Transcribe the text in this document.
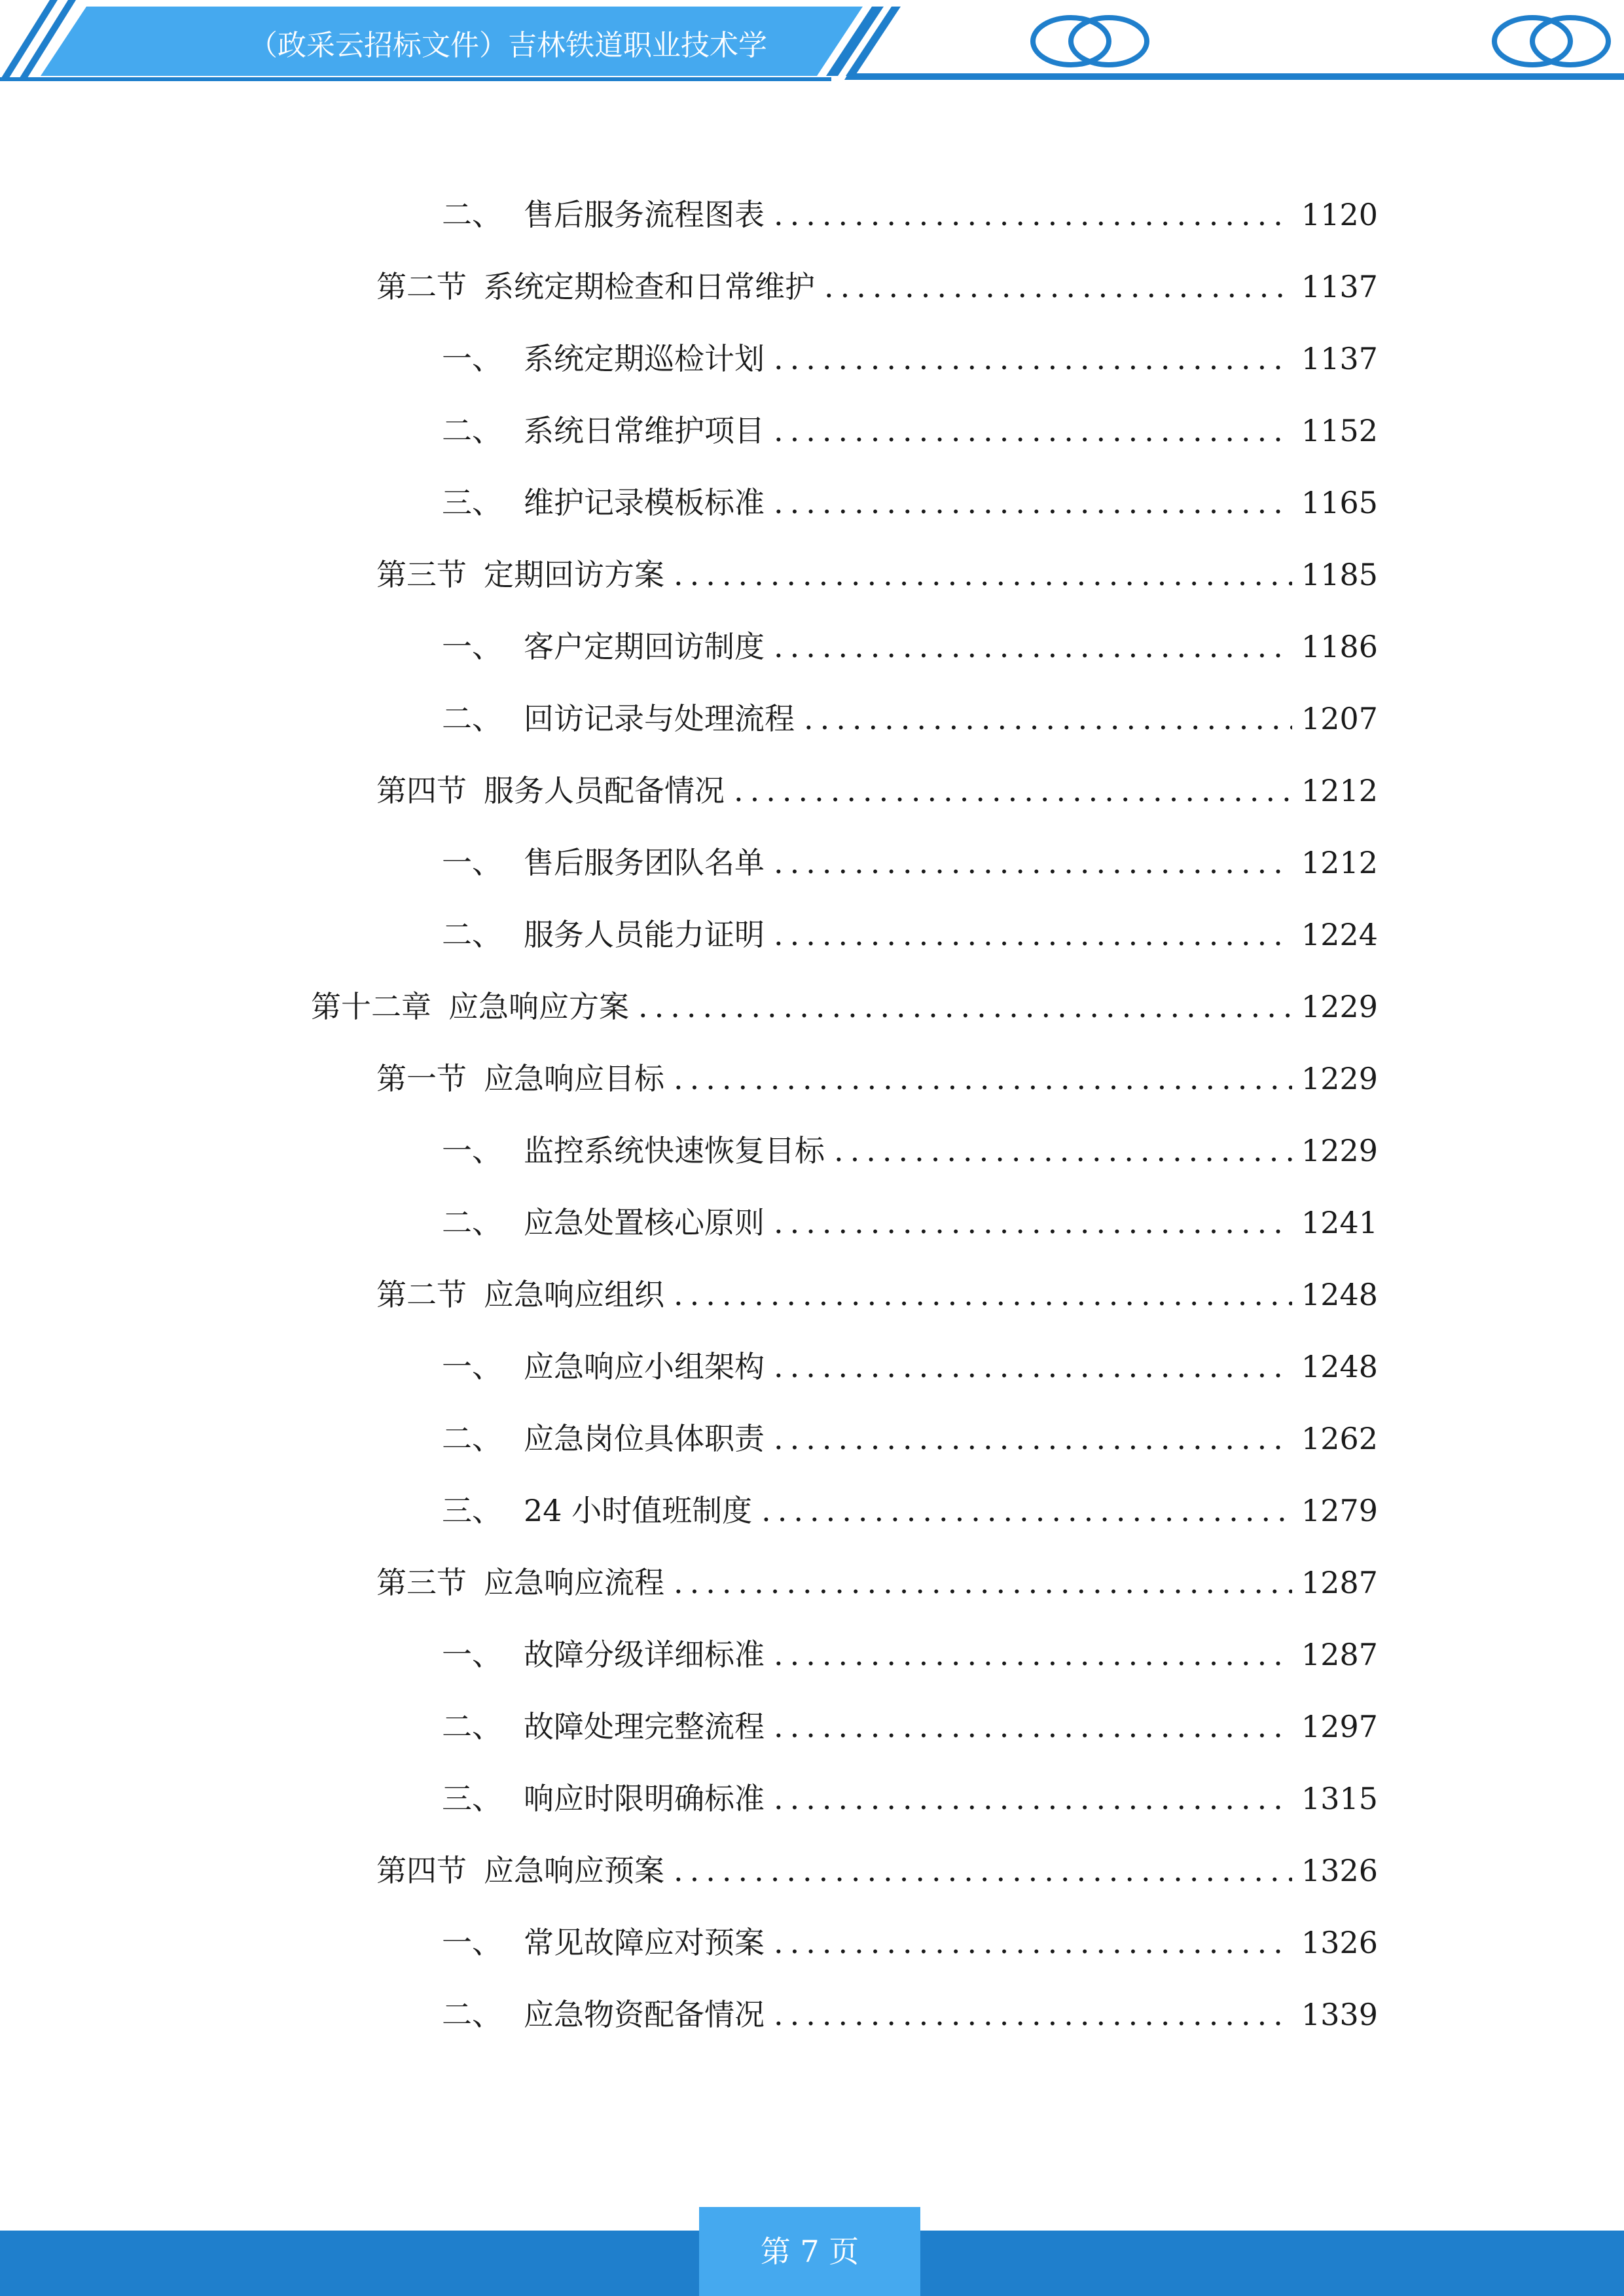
（政采云招标文件）吉林铁道职业技术学
二、 售后服务流程图表 .....	1120
第二节 系统定期检查和日常维护 .....	1137
一、 系统定期巡检计划 .....	1137
二、 系统日常维护项目 .....	1152
三、 维护记录模板标准 .....	1165
第三节 定期回访方案 .....	1185
一、 客户定期回访制度 .....	1186
二、 回访记录与处理流程 .....	1207
第四节 服务人员配备情况 .....	1212
一、 售后服务团队名单 .....	1212
二、 服务人员能力证明 .....	1224
第十二章 应急响应方案 .....	1229
第一节 应急响应目标 .....	1229
一、 监控系统快速恢复目标 .....	1229
二、 应急处置核心原则 .....	1241
第二节 应急响应组织 .....	1248
一、 应急响应小组架构 .....	1248
二、 应急岗位具体职责 .....	1262
三、 24 小时值班制度 .....	1279
第三节 应急响应流程 .....	1287
一、 故障分级详细标准 .....	1287
二、 故障处理完整流程 .....	1297
三、 响应时限明确标准 .....	1315
第四节 应急响应预案 .....	1326
一、 常见故障应对预案 .....	1326
二、 应急物资配备情况 .....	1339
第 7 页
